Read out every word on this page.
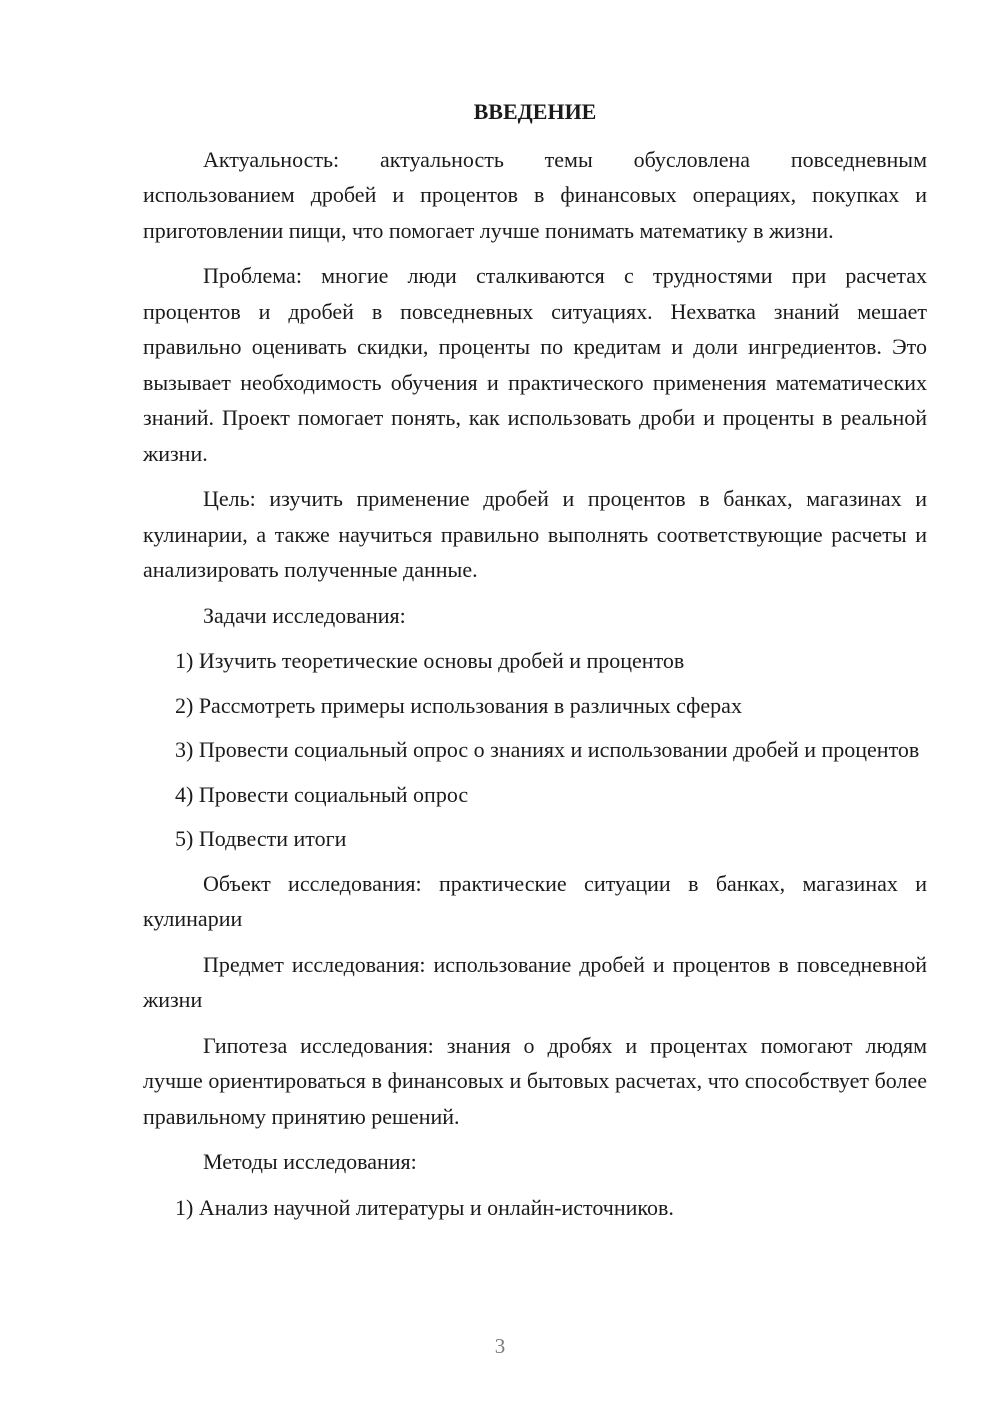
ВВЕДЕНИЕ

Актуальность: актуальность темы обусловлена повседневным использованием дробей и процентов в финансовых операциях, покупках и приготовлении пищи, что помогает лучше понимать математику в жизни.

Проблема: многие люди сталкиваются с трудностями при расчетах процентов и дробей в повседневных ситуациях. Нехватка знаний мешает правильно оценивать скидки, проценты по кредитам и доли ингредиентов. Это вызывает необходимость обучения и практического применения математических знаний. Проект помогает понять, как использовать дроби и проценты в реальной жизни.

Цель: изучить применение дробей и процентов в банках, магазинах и кулинарии, а также научиться правильно выполнять соответствующие расчеты и анализировать полученные данные.

Задачи исследования:

1) Изучить теоретические основы дробей и процентов

2) Рассмотреть примеры использования в различных сферах

3) Провести социальный опрос о знаниях и использовании дробей и процентов

4) Провести социальный опрос

5) Подвести итоги

Объект исследования: практические ситуации в банках, магазинах и кулинарии

Предмет исследования: использование дробей и процентов в повседневной жизни

Гипотеза исследования: знания о дробях и процентах помогают людям лучше ориентироваться в финансовых и бытовых расчетах, что способствует более правильному принятию решений.

Методы исследования:

1) Анализ научной литературы и онлайн-источников.

3
